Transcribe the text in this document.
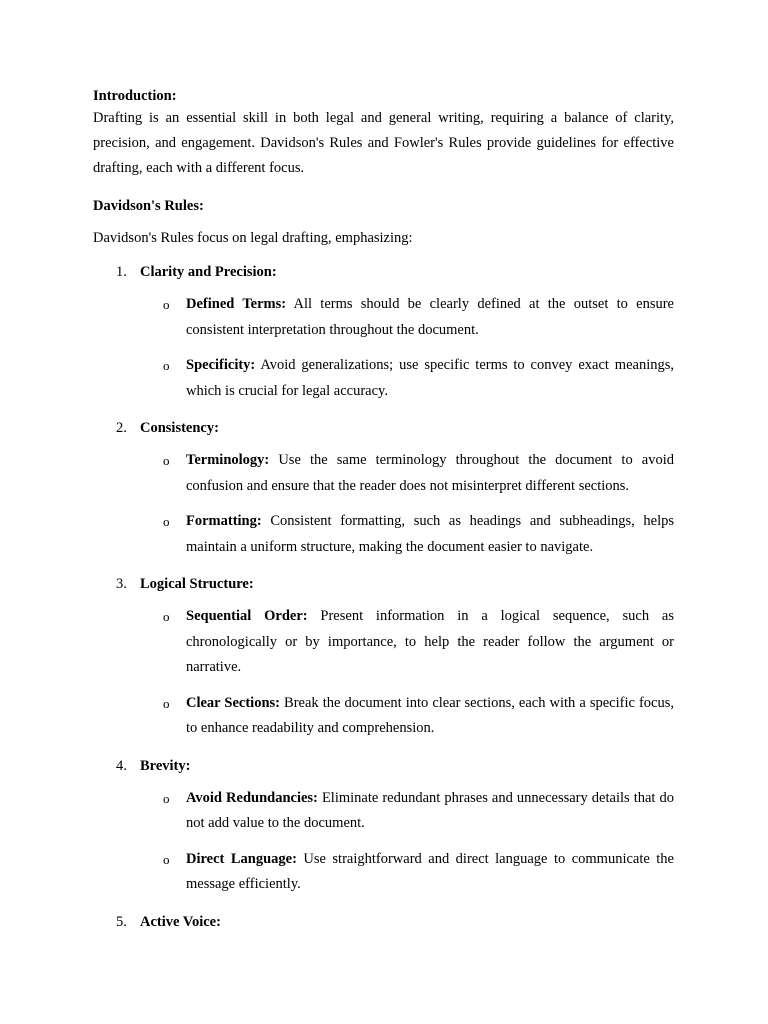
Introduction:

Drafting is an essential skill in both legal and general writing, requiring a balance of clarity, precision, and engagement. Davidson's Rules and Fowler's Rules provide guidelines for effective drafting, each with a different focus.

Davidson's Rules:

Davidson's Rules focus on legal drafting, emphasizing:

1. Clarity and Precision:
o	Defined Terms: All terms should be clearly defined at the outset to ensure consistent interpretation throughout the document.
o	Specificity: Avoid generalizations; use specific terms to convey exact meanings, which is crucial for legal accuracy.
2. Consistency:
o	Terminology: Use the same terminology throughout the document to avoid confusion and ensure that the reader does not misinterpret different sections.
o	Formatting: Consistent formatting, such as headings and subheadings, helps maintain a uniform structure, making the document easier to navigate.
3. Logical Structure:
o	Sequential Order: Present information in a logical sequence, such as chronologically or by importance, to help the reader follow the argument or narrative.
o	Clear Sections: Break the document into clear sections, each with a specific focus, to enhance readability and comprehension.
4. Brevity:
o	Avoid Redundancies: Eliminate redundant phrases and unnecessary details that do not add value to the document.
o	Direct Language: Use straightforward and direct language to communicate the message efficiently.
5. Active Voice:
